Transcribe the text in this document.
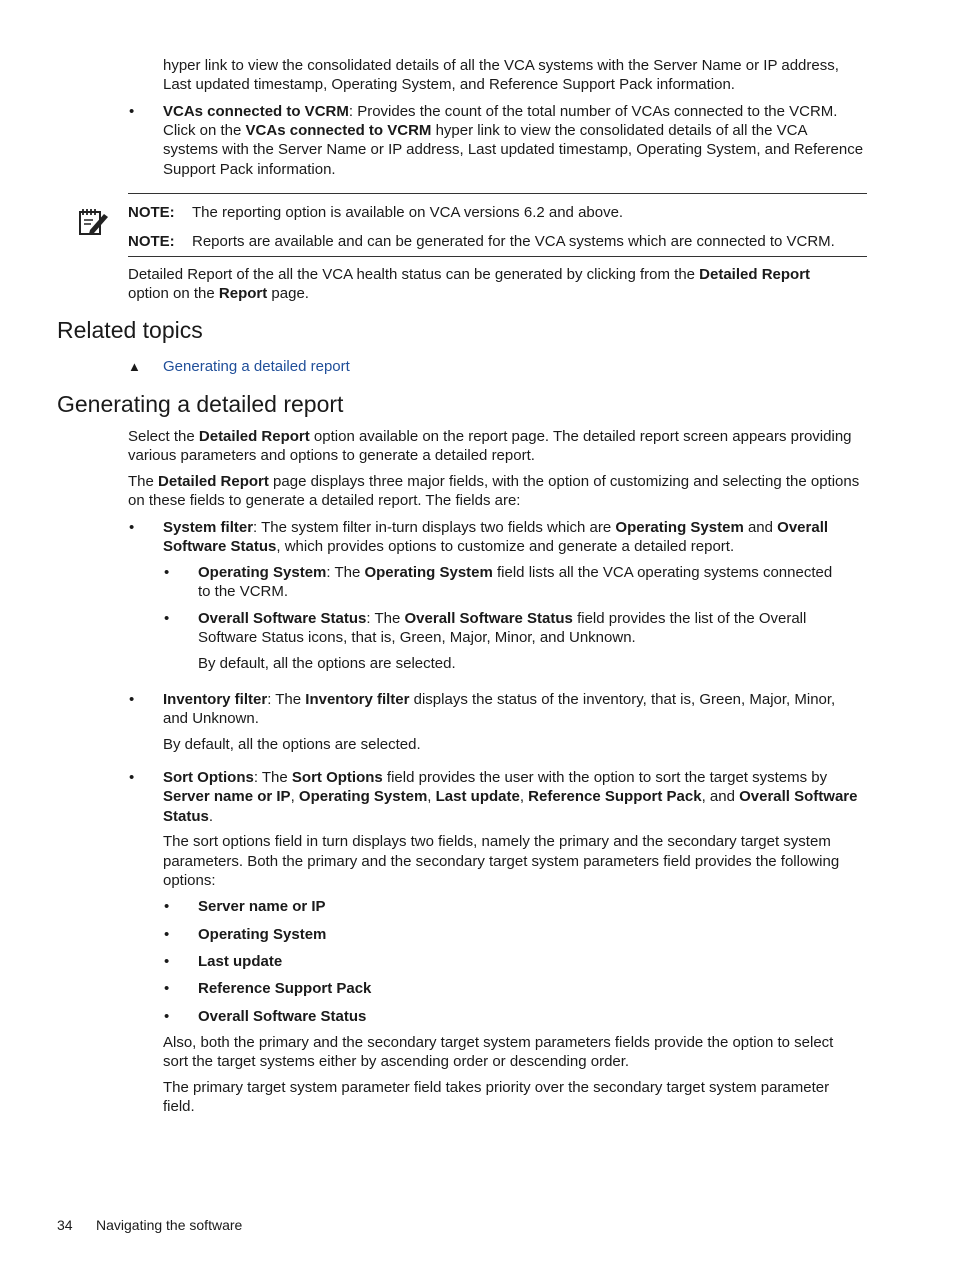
hyper link to view the consolidated details of all the VCA systems with the Server Name or IP address,

Last updated timestamp, Operating System, and Reference Support Pack information.

• VCAs connected to VCRM: Provides the count of the total number of VCAs connected to the VCRM.

Click on the VCAs connected to VCRM hyper link to view the consolidated details of all the VCA

systems with the Server Name or IP address, Last updated timestamp, Operating System, and Reference

Support Pack information.

NOTE: The reporting option is available on VCA versions 6.2 and above.

NOTE: Reports are available and can be generated for the VCA systems which are connected to VCRM.

Detailed Report of the all the VCA health status can be generated by clicking from the Detailed Report

option on the Report page.

Related topics
▲ Generating a detailed report
Generating a detailed report

Select the Detailed Report option available on the report page. The detailed report screen appears providing

various parameters and options to generate a detailed report.

The Detailed Report page displays three major fields, with the option of customizing and selecting the options

on these fields to generate a detailed report. The fields are:

• System filter: The system filter in-turn displays two fields which are Operating System and Overall

Software Status, which provides options to customize and generate a detailed report.

• Operating System: The Operating System field lists all the VCA operating systems connected

to the VCRM.

• Overall Software Status: The Overall Software Status field provides the list of the Overall

Software Status icons, that is, Green, Major, Minor, and Unknown.

By default, all the options are selected.

• Inventory filter: The Inventory filter displays the status of the inventory, that is, Green, Major, Minor,

and Unknown.

By default, all the options are selected.

• Sort Options: The Sort Options field provides the user with the option to sort the target systems by

Server name or IP, Operating System, Last update, Reference Support Pack, and Overall Software

Status.

The sort options field in turn displays two fields, namely the primary and the secondary target system

parameters. Both the primary and the secondary target system parameters field provides the following

options:

• Server name or IP
• Operating System
• Last update
• Reference Support Pack
• Overall Software Status

Also, both the primary and the secondary target system parameters fields provide the option to select

sort the target systems either by ascending order or descending order.

The primary target system parameter field takes priority over the secondary target system parameter

field.

34 Navigating the software
